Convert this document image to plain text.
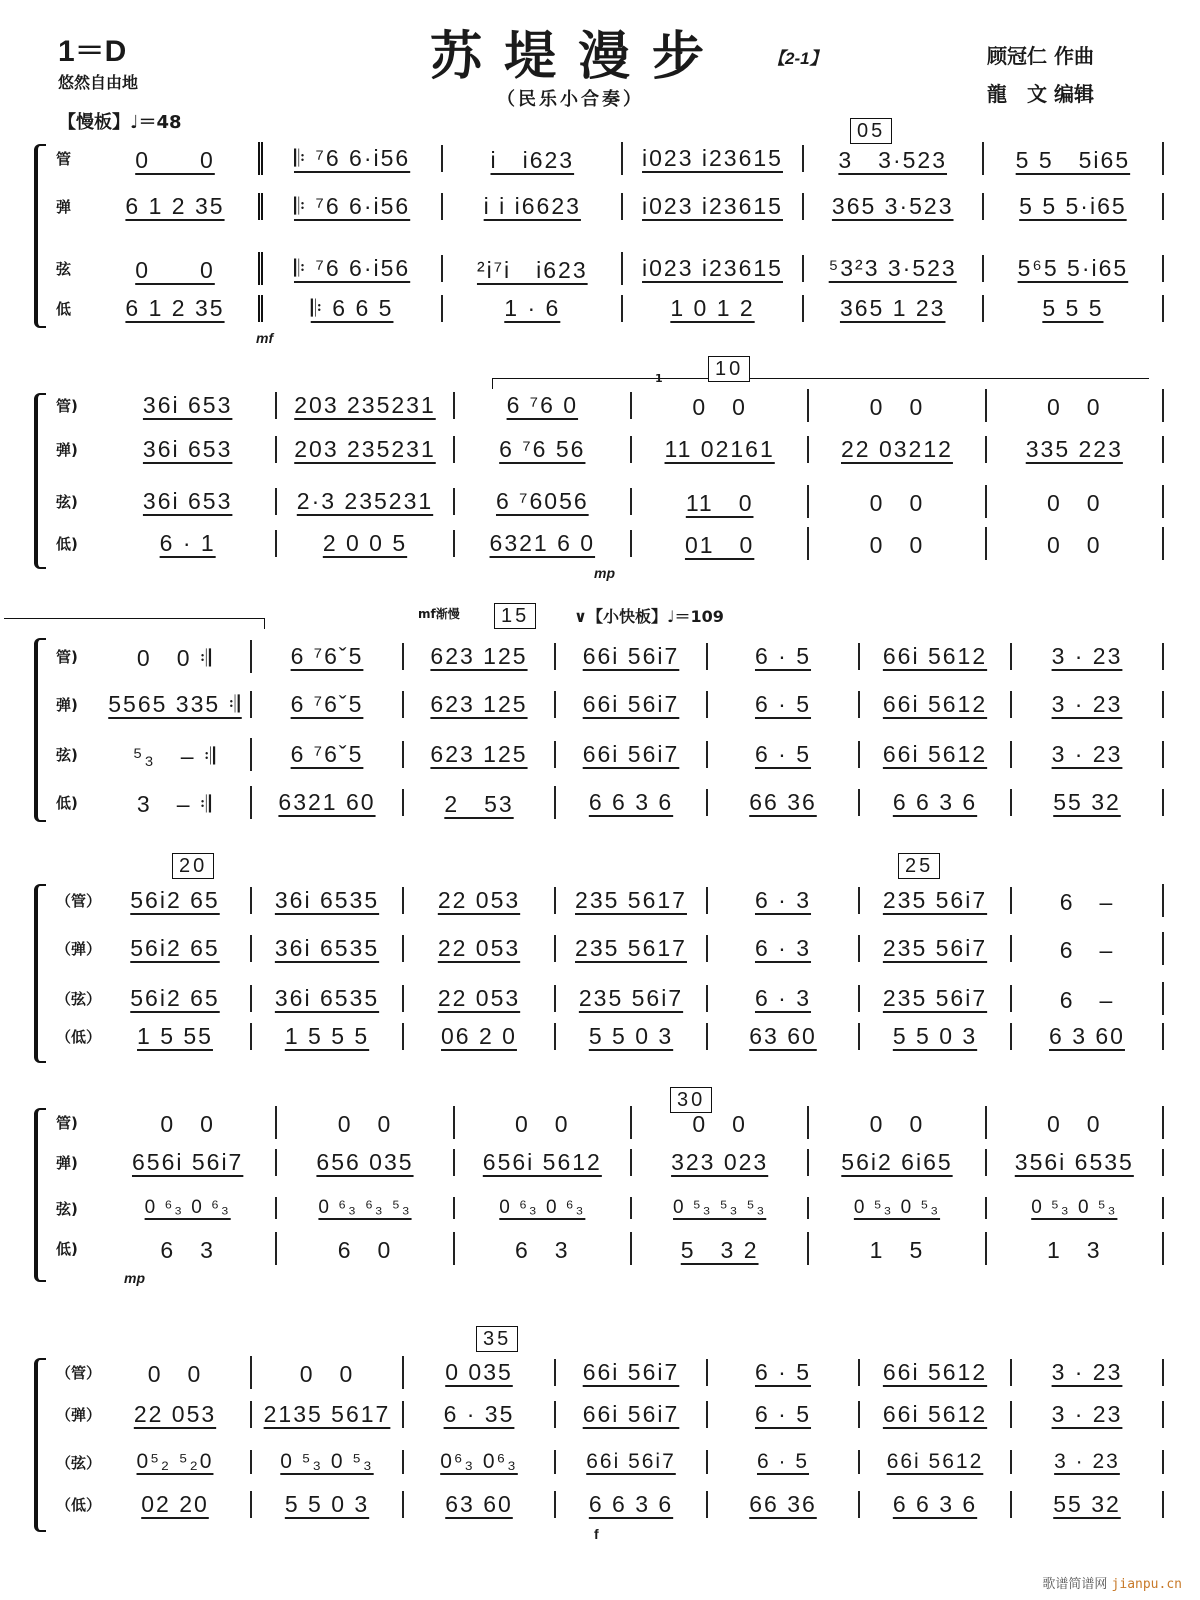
1＝D
悠然自由地
【慢板】♩＝48
苏堤漫步 【2-1】
（民乐小合奏）
顾冠仁 作曲
龍　文 编辑
05
管	0　　0	𝄆 ⁷6 6·i56	i　i623	i023 i23615	3　3·523	5 5　5i65
弹	6 1 2 35	𝄆 ⁷6 6·i56	i i i6623	i023 i23615	365 3·523	5 5 5·i65
弦	0　　0	𝄆 ⁷6 6·i56	²i⁷i　i623	i023 i23615	⁵3²3 3·523	5⁶5 5·i65
低	6 1 2 35	𝄆 6 6 5	1 · 6	1 0 1 2	365 1 23	5 5 5
mf
1	10
管)	36i 653	203 235231	6 ⁷6 0	0　0	0　0	0　0
弹)	36i 653	203 235231	6 ⁷6 56	11 02161	22 03212	335 223
弦)	36i 653	2·3 235231	6 ⁷6056	11　0	0　0	0　0
低)	6 · 1	2 0 0 5	6321 6 0	01　0	0　0	0　0
mp
mf渐慢	15	∨【小快板】♩＝109
管)	0　0 𝄇	6 ⁷6ˇ5	623 125	66i 56i7	6 · 5	66i 5612	3 · 23
弹)	5565 335 𝄇	6 ⁷6ˇ5	623 125	66i 56i7	6 · 5	66i 5612	3 · 23
弦)	⁵₃　– 𝄇	6 ⁷6ˇ5	623 125	66i 56i7	6 · 5	66i 5612	3 · 23
低)	3　– 𝄇	6321 60	2　53	6 6 3 6	66 36	6 6 3 6	55 32
20	25
（管）	56i2 65	36i 6535	22 053	235 5617	6 · 3	235 56i7	6　–
（弹）	56i2 65	36i 6535	22 053	235 5617	6 · 3	235 56i7	6　–
（弦）	56i2 65	36i 6535	22 053	235 56i7	6 · 3	235 56i7	6　–
（低）	1 5 55	1 5 5 5	06 2 0	5 5 0 3	63 60	5 5 0 3	6 3 60
30
管)	0　0	0　0	0　0	0　0	0　0	0　0
弹)	656i 56i7	656 035	656i 5612	323 023	56i2 6i65	356i 6535
弦)	0 ⁶₃ 0 ⁶₃	0 ⁶₃ ⁶₃ ⁵₃	0 ⁶₃ 0 ⁶₃	0 ⁵₃ ⁵₃ ⁵₃	0 ⁵₃ 0 ⁵₃	0 ⁵₃ 0 ⁵₃
低)	6　3	6　0	6　3	5　3 2	1　5	1　3
mp
35
（管）	0　0	0　0	0 035	66i 56i7	6 · 5	66i 5612	3 · 23
（弹）	22 053	2135 5617	6 · 35	66i 56i7	6 · 5	66i 5612	3 · 23
（弦）	0⁵₂ ⁵₂0	0 ⁵₃ 0 ⁵₃	0⁶₃ 0⁶₃	66i 56i7	6 · 5	66i 5612	3 · 23
（低）	02 20	5 5 0 3	63 60	6 6 3 6	66 36	6 6 3 6	55 32
f
歌谱简谱网 jianpu.cn
